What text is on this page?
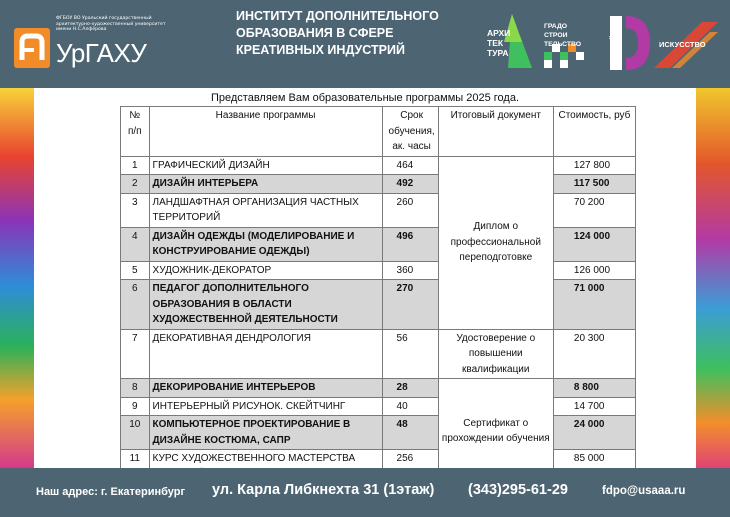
ФГБОУ ВО Уральский государственный архитектурно-художественный университет имени Н.С.Алфёрова
УрГАХУ
ИНСТИТУТ ДОПОЛНИТЕЛЬНОГО ОБРАЗОВАНИЯ В СФЕРЕ КРЕАТИВНЫХ ИНДУСТРИЙ
АРХИ
ТЕК
ТУРА
ГРАДО
СТРОИ
ТЕЛЬСТВО	ДИЗАЙН	ИСКУССТВО
Представляем Вам образовательные программы 2025 года.
№ п/п	Название программы	Срок обучения, ак. часы	Итоговый документ	Стоимость, руб
1	ГРАФИЧЕСКИЙ ДИЗАЙН	464	Диплом о профессиональной переподготовке	127 800
2	ДИЗАЙН ИНТЕРЬЕРА	492		117 500
3	ЛАНДШАФТНАЯ ОРГАНИЗАЦИЯ ЧАСТНЫХ ТЕРРИТОРИЙ	260		70 200
4	ДИЗАЙН ОДЕЖДЫ (МОДЕЛИРОВАНИЕ И КОНСТРУИРОВАНИЕ ОДЕЖДЫ)	496		124 000
5	ХУДОЖНИК-ДЕКОРАТОР	360		126 000
6	ПЕДАГОГ ДОПОЛНИТЕЛЬНОГО ОБРАЗОВАНИЯ В ОБЛАСТИ ХУДОЖЕСТВЕННОЙ ДЕЯТЕЛЬНОСТИ	270		71 000
7	ДЕКОРАТИВНАЯ ДЕНДРОЛОГИЯ	56	Удостоверение о повышении квалификации	20 300
8	ДЕКОРИРОВАНИЕ ИНТЕРЬЕРОВ	28	Сертификат о прохождении обучения	8 800
9	ИНТЕРЬЕРНЫЙ РИСУНОК. СКЕЙТЧИНГ	40		14 700
10	КОМПЬЮТЕРНОЕ ПРОЕКТИРОВАНИЕ В ДИЗАЙНЕ КОСТЮМА, САПР	48		24 000
11	КУРС ХУДОЖЕСТВЕННОГО МАСТЕРСТВА	256		85 000
Наш адрес: г. Екатеринбург ул. Карла Либкнехта 31 (1этаж) (343)295-61-29	fdpo@usaaa.ru
